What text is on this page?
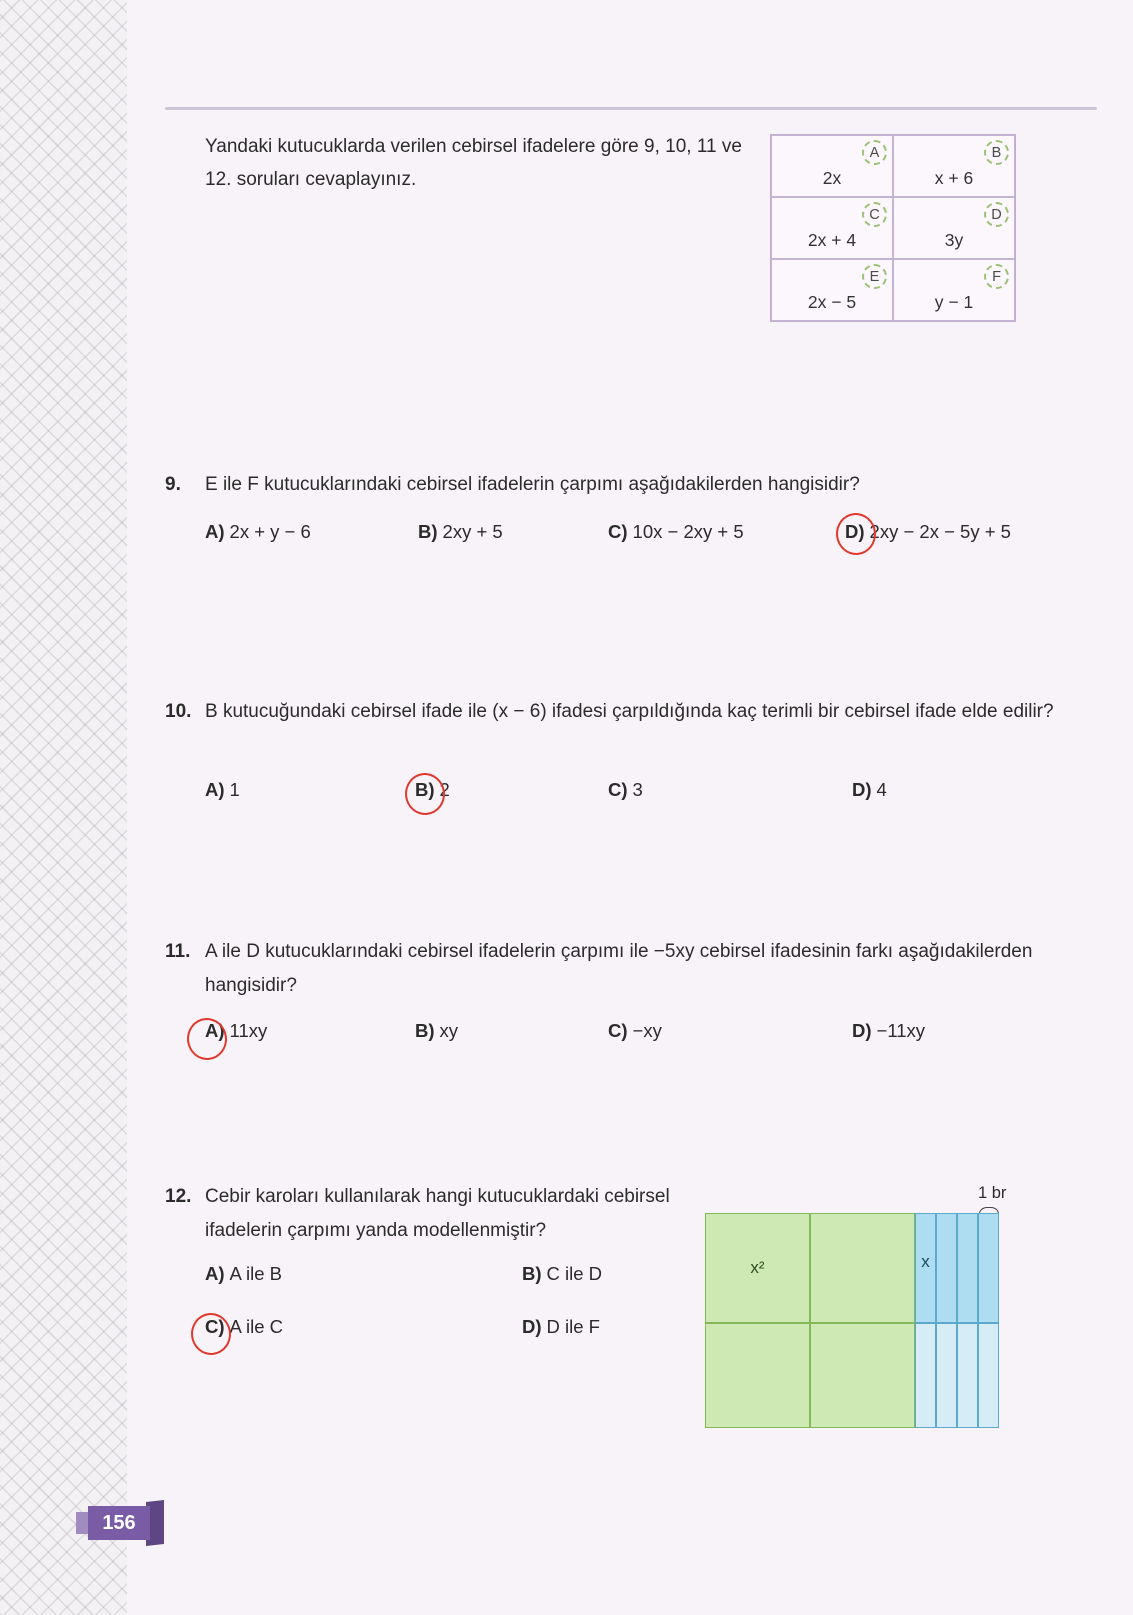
Yandaki kutucuklarda verilen cebirsel ifadelere göre 9, 10, 11 ve 12. soruları cevaplayınız.
A
2x
B
x + 6
C
2x + 4
D
3y
E
2x − 5
F
y − 1
9.	E ile F kutucuklarındaki cebirsel ifadelerin çarpımı aşağıdakilerden hangisidir?
A) 2x + y − 6	B) 2xy + 5	C) 10x − 2xy + 5	D) 2xy − 2x − 5y + 5
10. B kutucuğundaki cebirsel ifade ile (x − 6) ifadesi çarpıldığında kaç terimli bir cebirsel ifade elde edilir?
A) 1	B) 2	C) 3	D) 4
11. A ile D kutucuklarındaki cebirsel ifadelerin çarpımı ile −5xy cebirsel ifadesinin farkı aşağıdakilerden hangisidir?
A) 11xy	B) xy	C) −xy	D) −11xy
12. Cebir karoları kullanılarak hangi kutucuklardaki cebirsel ifadelerin çarpımı yanda modellenmiştir?
A) A ile B	B) C ile D
C) A ile C	D) D ile F
1 br
x²	x
156
